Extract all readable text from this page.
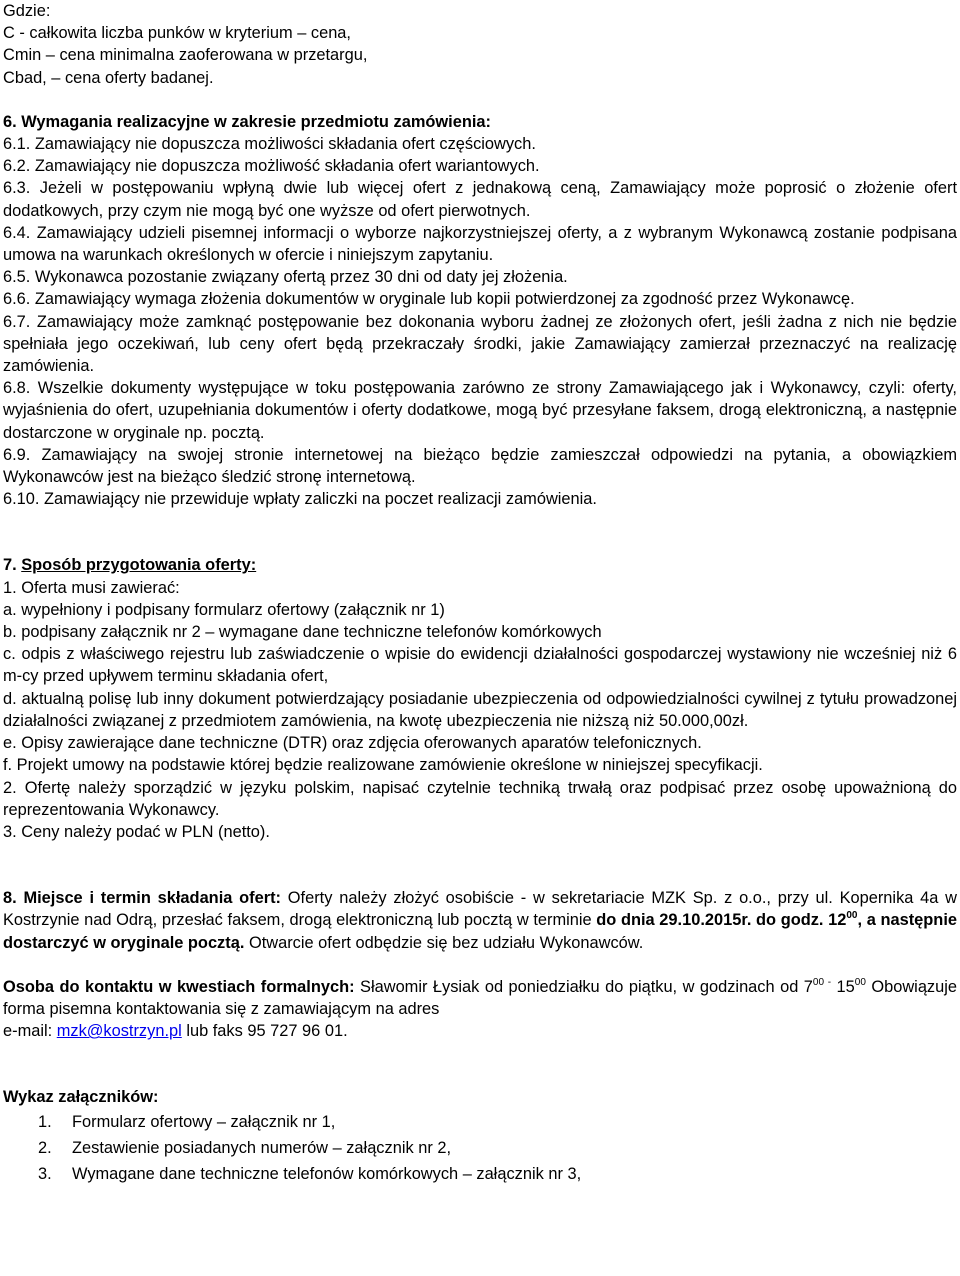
Gdzie:

C - całkowita liczba punków w kryterium – cena,

Cmin – cena minimalna zaoferowana w przetargu,

Cbad, – cena oferty badanej.

6. Wymagania realizacyjne w zakresie przedmiotu zamówienia:

6.1. Zamawiający nie dopuszcza możliwości składania ofert częściowych.

6.2. Zamawiający nie dopuszcza możliwość składania ofert wariantowych.

6.3. Jeżeli w postępowaniu wpłyną dwie lub więcej ofert z jednakową ceną, Zamawiający może poprosić o złożenie ofert dodatkowych, przy czym nie mogą być one wyższe od ofert pierwotnych.

6.4. Zamawiający udzieli pisemnej informacji o wyborze najkorzystniejszej oferty, a z wybranym Wykonawcą zostanie podpisana umowa na warunkach określonych w ofercie i niniejszym zapytaniu.

6.5. Wykonawca pozostanie związany ofertą przez 30 dni od daty jej złożenia.

6.6. Zamawiający wymaga złożenia dokumentów w oryginale lub kopii potwierdzonej za zgodność przez Wykonawcę.

6.7. Zamawiający może zamknąć postępowanie bez dokonania wyboru żadnej ze złożonych ofert, jeśli żadna z nich nie będzie spełniała jego oczekiwań, lub ceny ofert będą przekraczały środki, jakie Zamawiający zamierzał przeznaczyć na realizację zamówienia.

6.8. Wszelkie dokumenty występujące w toku postępowania zarówno ze strony Zamawiającego jak i Wykonawcy, czyli: oferty, wyjaśnienia do ofert, uzupełniania dokumentów i oferty dodatkowe, mogą być przesyłane faksem, drogą elektroniczną, a następnie dostarczone w oryginale np. pocztą.

6.9. Zamawiający na swojej stronie internetowej na bieżąco będzie zamieszczał odpowiedzi na pytania, a obowiązkiem Wykonawców jest na bieżąco śledzić stronę internetową.

6.10. Zamawiający nie przewiduje wpłaty zaliczki na poczet realizacji zamówienia.

7. Sposób przygotowania oferty:

1. Oferta musi zawierać:

a. wypełniony i podpisany formularz ofertowy (załącznik nr 1)

b. podpisany załącznik nr 2 – wymagane dane techniczne telefonów komórkowych

c. odpis z właściwego rejestru lub zaświadczenie o wpisie do ewidencji działalności gospodarczej wystawiony nie wcześniej niż 6 m-cy przed upływem terminu składania ofert,

d. aktualną polisę lub inny dokument potwierdzający posiadanie ubezpieczenia od odpowiedzialności cywilnej z tytułu prowadzonej działalności związanej z przedmiotem zamówienia, na kwotę ubezpieczenia nie niższą niż 50.000,00zł.

e. Opisy zawierające dane techniczne (DTR) oraz zdjęcia oferowanych aparatów telefonicznych.

f. Projekt umowy na podstawie której będzie realizowane zamówienie określone w niniejszej specyfikacji.

2. Ofertę należy sporządzić w języku polskim, napisać czytelnie techniką trwałą oraz podpisać przez osobę upoważnioną do reprezentowania Wykonawcy.

3. Ceny należy podać w PLN (netto).

8. Miejsce i termin składania ofert: Oferty należy złożyć osobiście - w sekretariacie MZK Sp. z o.o., przy ul. Kopernika 4a w Kostrzynie nad Odrą, przesłać faksem, drogą elektroniczną lub pocztą w terminie do dnia 29.10.2015r. do godz. $12^{00}$, a następnie dostarczyć w oryginale pocztą. Otwarcie ofert odbędzie się bez udziału Wykonawców.

Osoba do kontaktu w kwestiach formalnych: Sławomir Łysiak od poniedziałku do piątku, w godzinach od $7^{00 -}$ $15^{00}$ Obowiązuje forma pisemna kontaktowania się z zamawiającym na adres

e-mail: mzk@kostrzyn.pl lub faks 95 727 96 01.

Wykaz załączników:

1. Formularz ofertowy – załącznik nr 1,
2. Zestawienie posiadanych numerów – załącznik nr 2,
3. Wymagane dane techniczne telefonów komórkowych – załącznik nr 3,
